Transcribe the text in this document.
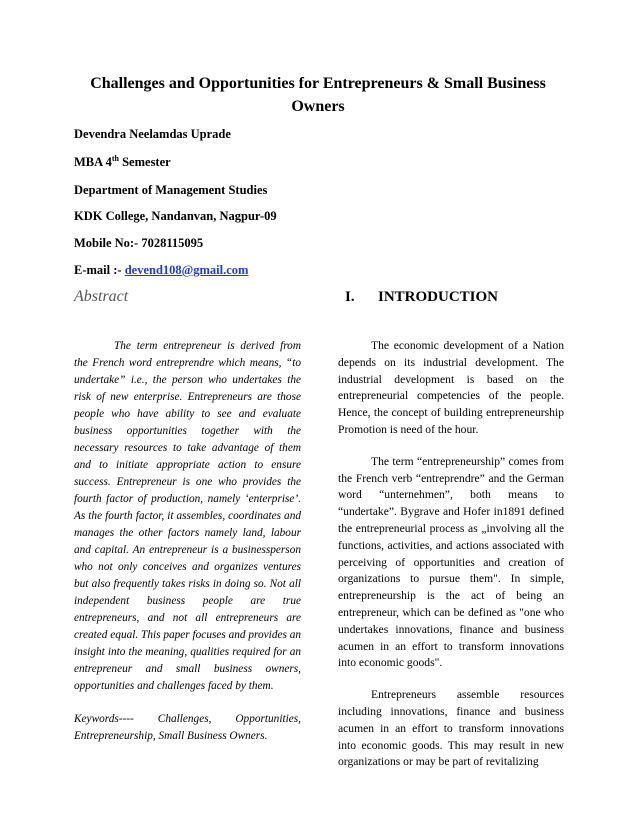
Challenges and Opportunities for Entrepreneurs & Small Business Owners
Devendra Neelamdas Uprade
MBA 4th Semester
Department of Management Studies
KDK College, Nandanvan, Nagpur-09
Mobile No:- 7028115095
E-mail :- devend108@gmail.com
Abstract	I. INTRODUCTION

The term entrepreneur is derived from the French word entreprendre which means, “to undertake” i.e., the person who undertakes the risk of new enterprise. Entrepreneurs are those people who have ability to see and evaluate business opportunities together with the necessary resources to take advantage of them and to initiate appropriate action to ensure success. Entrepreneur is one who provides the fourth factor of production, namely ‘enterprise’. As the fourth factor, it assembles, coordinates and manages the other factors namely land, labour and capital. An entrepreneur is a businessperson who not only conceives and organizes ventures but also frequently takes risks in doing so. Not all independent business people are true entrepreneurs, and not all entrepreneurs are created equal. This paper focuses and provides an insight into the meaning, qualities required for an entrepreneur and small business owners, opportunities and challenges faced by them.

Keywords---- Challenges, Opportunities, Entrepreneurship, Small Business Owners.

The economic development of a Nation depends on its industrial development. The industrial development is based on the entrepreneurial competencies of the people. Hence, the concept of building entrepreneurship Promotion is need of the hour.

The term “entrepreneurship” comes from the French verb “entreprendre” and the German word “unternehmen”, both means to “undertake”. Bygrave and Hofer in1891 defined the entrepreneurial process as „involving all the functions, activities, and actions associated with perceiving of opportunities and creation of organizations to pursue them". In simple, entrepreneurship is the act of being an entrepreneur, which can be defined as "one who undertakes innovations, finance and business acumen in an effort to transform innovations into economic goods".

Entrepreneurs assemble resources including innovations, finance and business acumen in an effort to transform innovations into economic goods. This may result in new organizations or may be part of revitalizing
